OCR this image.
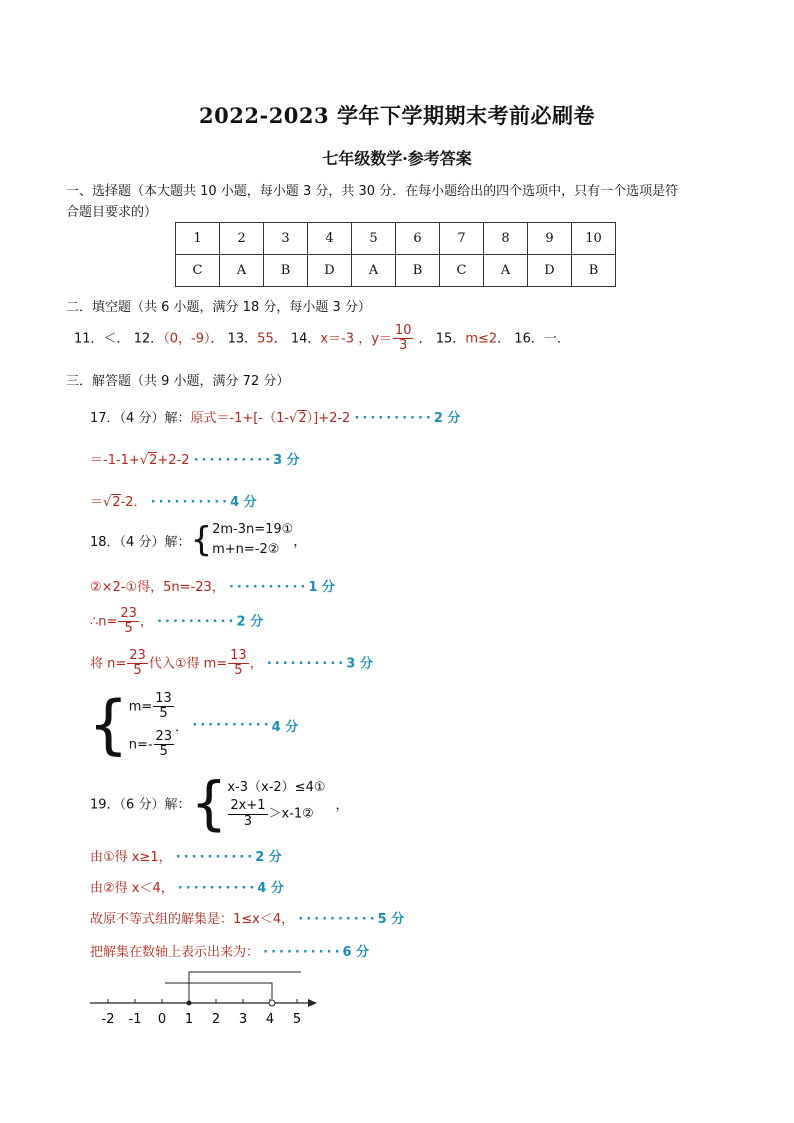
2022-2023 学年下学期期末考前必刷卷
七年级数学·参考答案
一、选择题（本大题共 10 小题，每小题 3 分，共 30 分．在每小题给出的四个选项中，只有一个选项是符
合题目要求的）
1	2	3	4	5	6	7	8	9	10
C	A	B	D	A	B	C	A	D	B
二．填空题（共 6 小题，满分 18 分，每小题 3 分）
11．＜． 12．（0，-9）． 13．55． 14．x＝-3 ，$y= \frac{10}{3}$ ． 15．m≤2． 16．一．
三．解答题（共 9 小题，满分 72 分）
17．（4 分）解：原式＝-1+[-（1-√2）]+2-2 ··········2 分
＝-1-1+√2+2-2 ··········3 分
＝√2-2． ··········4 分
18．（4 分）解：{ 2m-3n=19①
m+n=-2②	，
②×2-①得，5n=-23， ··········1 分
∴n= $\frac{23}{5}$ ， ··········2 分
将 $n= \frac{23}{5}$ 代入①得 $m= \frac{13}{5}$ ， ··········3 分
{ $m= \frac{13}{5}$
$n=- \frac{23}{5}$
． ··········4 分
19．（6 分）解：{ x-3（x-2）≤4①
$\frac{2x+1}{3}$ ＞x-1②
，
由①得 x≥1， ··········2 分
由②得 x＜4， ··········4 分
故原不等式组的解集是：1≤x＜4， ··········5 分
把解集在数轴上表示出来为： ··········6 分
-2 -1 0 1 2 3 4 5
